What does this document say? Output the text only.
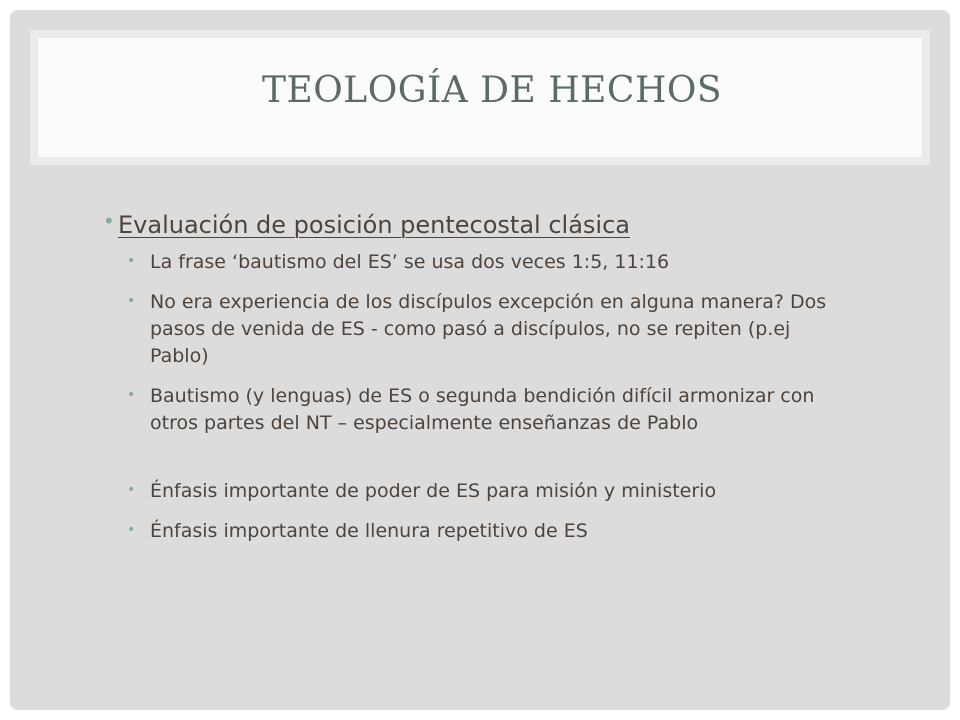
TEOLOGÍA DE HECHOS

• Evaluación de posición pentecostal clásica

• La frase ‘bautismo del ES’ se usa dos veces 1:5, 11:16
• No era experiencia de los discípulos excepción en alguna manera? Dos pasos de venida de ES - como pasó a discípulos, no se repiten (p.ej Pablo)
• Bautismo (y lenguas) de ES o segunda bendición difícil armonizar con otros partes del NT – especialmente enseñanzas de Pablo
• Énfasis importante de poder de ES para misión y ministerio
• Énfasis importante de llenura repetitivo de ES
